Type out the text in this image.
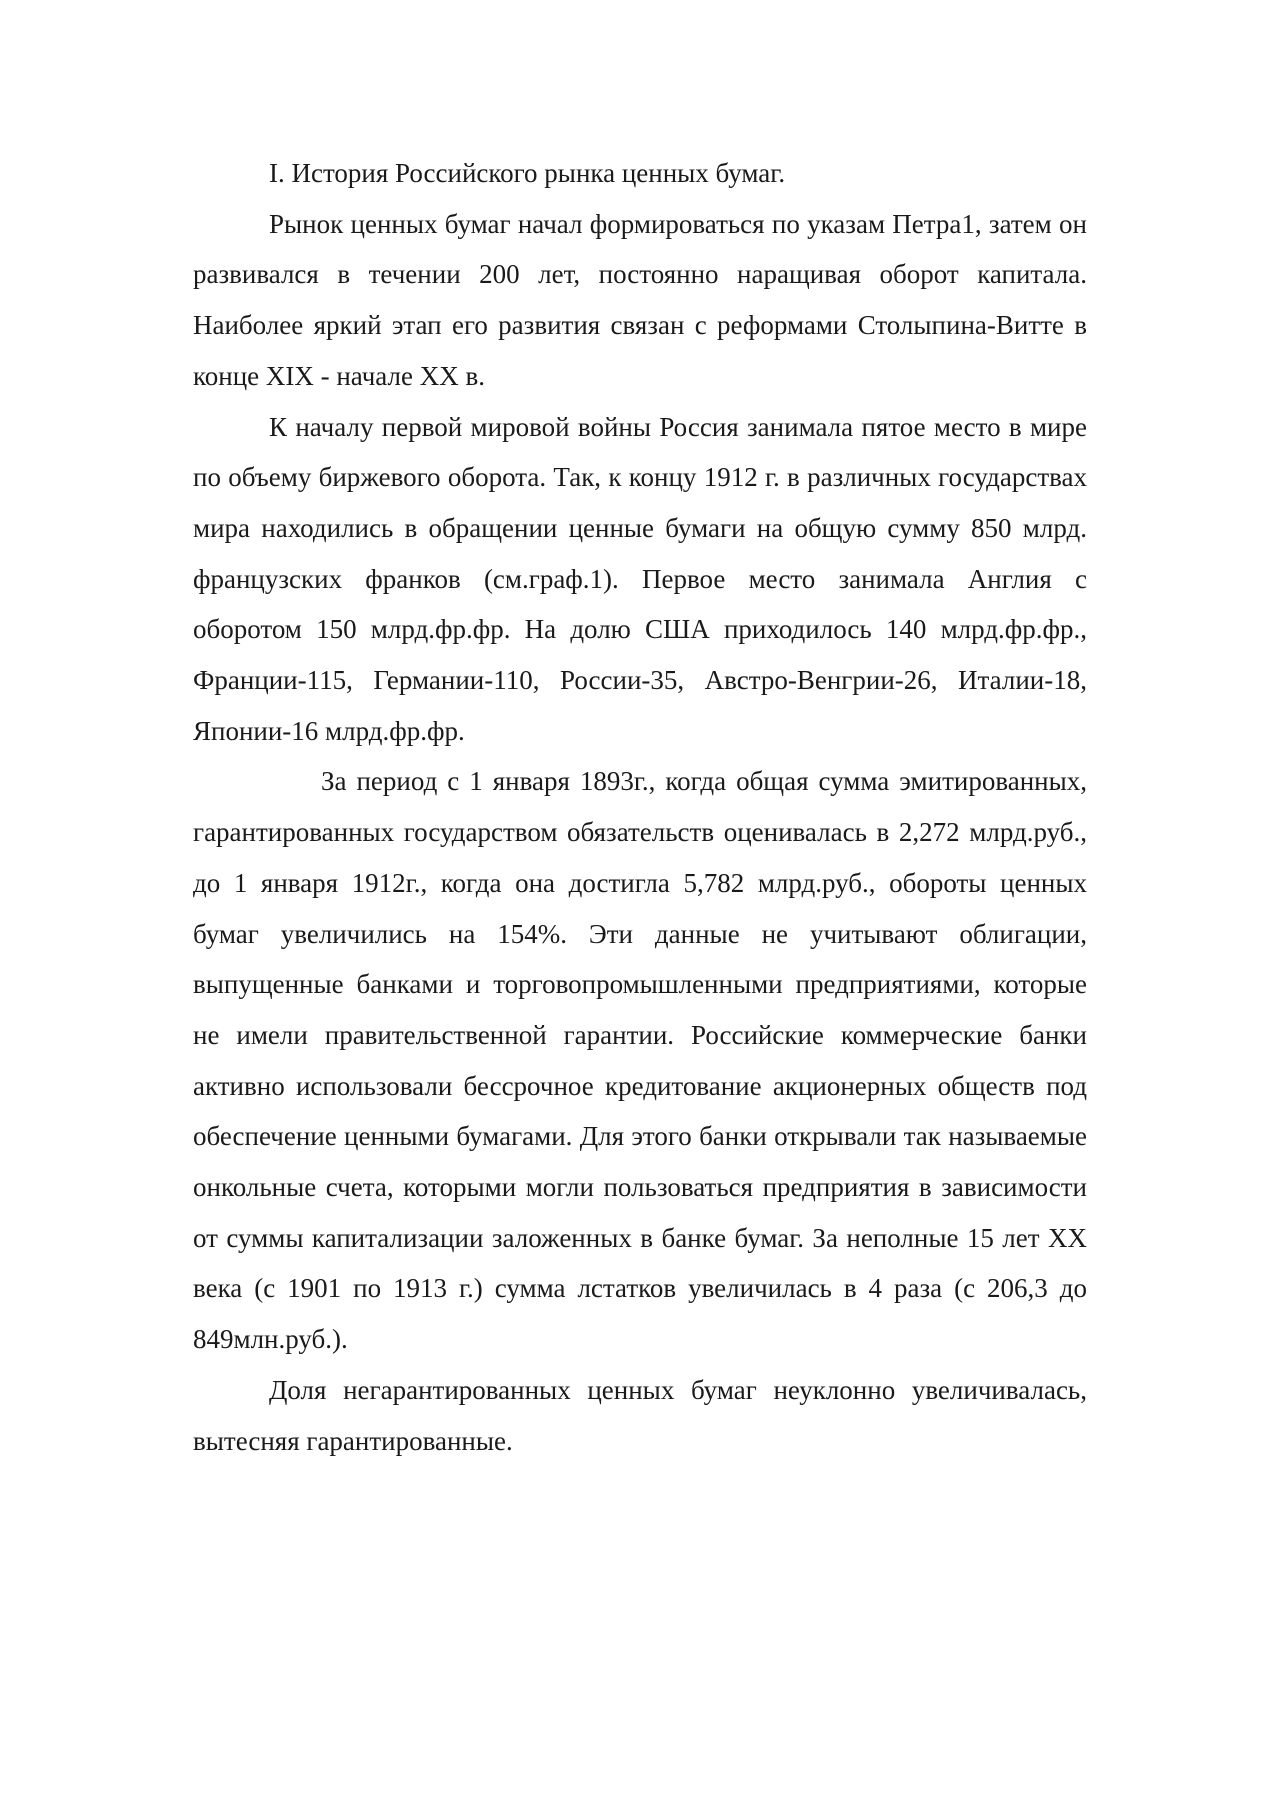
I. История Российского рынка ценных бумаг.

Рынок ценных бумаг начал формироваться по указам Петра1, затем он развивался в течении 200 лет, постоянно наращивая оборот капитала. Наиболее яркий этап его развития связан с реформами Столыпина-Витте в конце XIX - начале XX в.

К началу первой мировой войны Россия занимала пятое место в мире по объему биржевого оборота. Так, к концу 1912 г. в различных государствах мира находились в обращении ценные бумаги на общую сумму 850 млрд. французских франков (см.граф.1). Первое место занимала Англия с оборотом 150 млрд.фр.фр. На долю США приходилось 140 млрд.фр.фр., Франции-115, Германии-110, России-35, Австро-Венгрии-26, Италии-18, Японии-16 млрд.фр.фр.

За период с 1 января 1893г., когда общая сумма эмитированных, гарантированных государством обязательств оценивалась в 2,272 млрд.руб., до 1 января 1912г., когда она достигла 5,782 млрд.руб., обороты ценных бумаг увеличились на 154%. Эти данные не учитывают облигации, выпущенные банками и торговопромышленными предприятиями, которые не имели правительственной гарантии. Российские коммерческие банки активно использовали бессрочное кредитование акционерных обществ под обеспечение ценными бумагами. Для этого банки открывали так называемые онкольные счета, которыми могли пользоваться предприятия в зависимости от суммы капитализации заложенных в банке бумаг. За неполные 15 лет XX века (с 1901 по 1913 г.) сумма лстатков увеличилась в 4 раза (с 206,3 до 849млн.руб.).

Доля негарантированных ценных бумаг неуклонно увеличивалась, вытесняя гарантированные.
